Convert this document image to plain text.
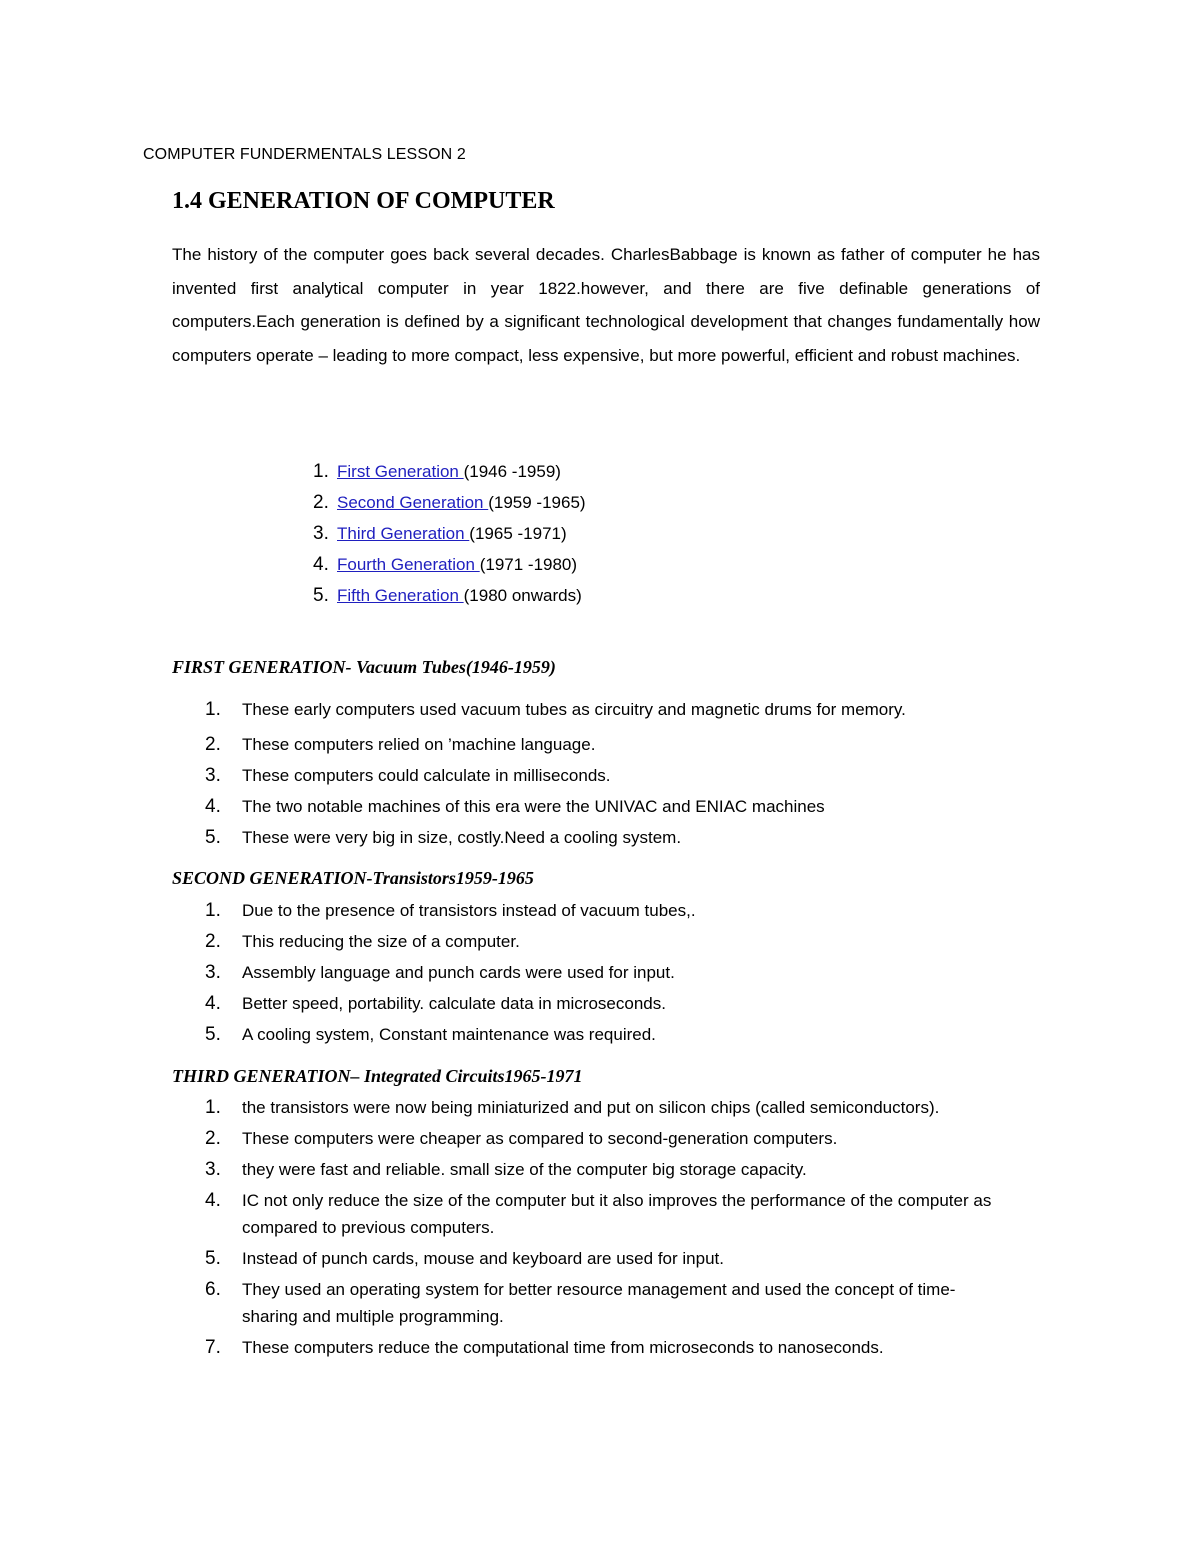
COMPUTER FUNDERMENTALS LESSON 2
1.4 GENERATION OF COMPUTER

The history of the computer goes back several decades. CharlesBabbage is known as father of computer he has invented first analytical computer in year 1822.however, and there are five definable generations of computers.Each generation is defined by a significant technological development that changes fundamentally how computers operate – leading to more compact, less expensive, but more powerful, efficient and robust machines.

1. First Generation (1946 -1959)
2. Second Generation (1959 -1965)
3. Third Generation (1965 -1971)
4. Fourth Generation (1971 -1980)
5. Fifth Generation (1980 onwards)
FIRST GENERATION- Vacuum Tubes(1946-1959)
1. These early computers used vacuum tubes as circuitry and magnetic drums for memory.
2. These computers relied on ’machine language.
3. These computers could calculate in milliseconds.
4. The two notable machines of this era were the UNIVAC and ENIAC machines
5. These were very big in size, costly.Need a cooling system.
SECOND GENERATION-Transistors1959-1965
1. Due to the presence of transistors instead of vacuum tubes,.
2. This reducing the size of a computer.
3. Assembly language and punch cards were used for input.
4. Better speed, portability. calculate data in microseconds.
5. A cooling system, Constant maintenance was required.
THIRD GENERATION– Integrated Circuits1965-1971
1. the transistors were now being miniaturized and put on silicon chips (called semiconductors).
2. These computers were cheaper as compared to second-generation computers.
3. they were fast and reliable. small size of the computer big storage capacity.
4. IC not only reduce the size of the computer but it also improves the performance of the computer as compared to previous computers.
5. Instead of punch cards, mouse and keyboard are used for input.
6. They used an operating system for better resource management and used the concept of time-sharing and multiple programming.
7. These computers reduce the computational time from microseconds to nanoseconds.
